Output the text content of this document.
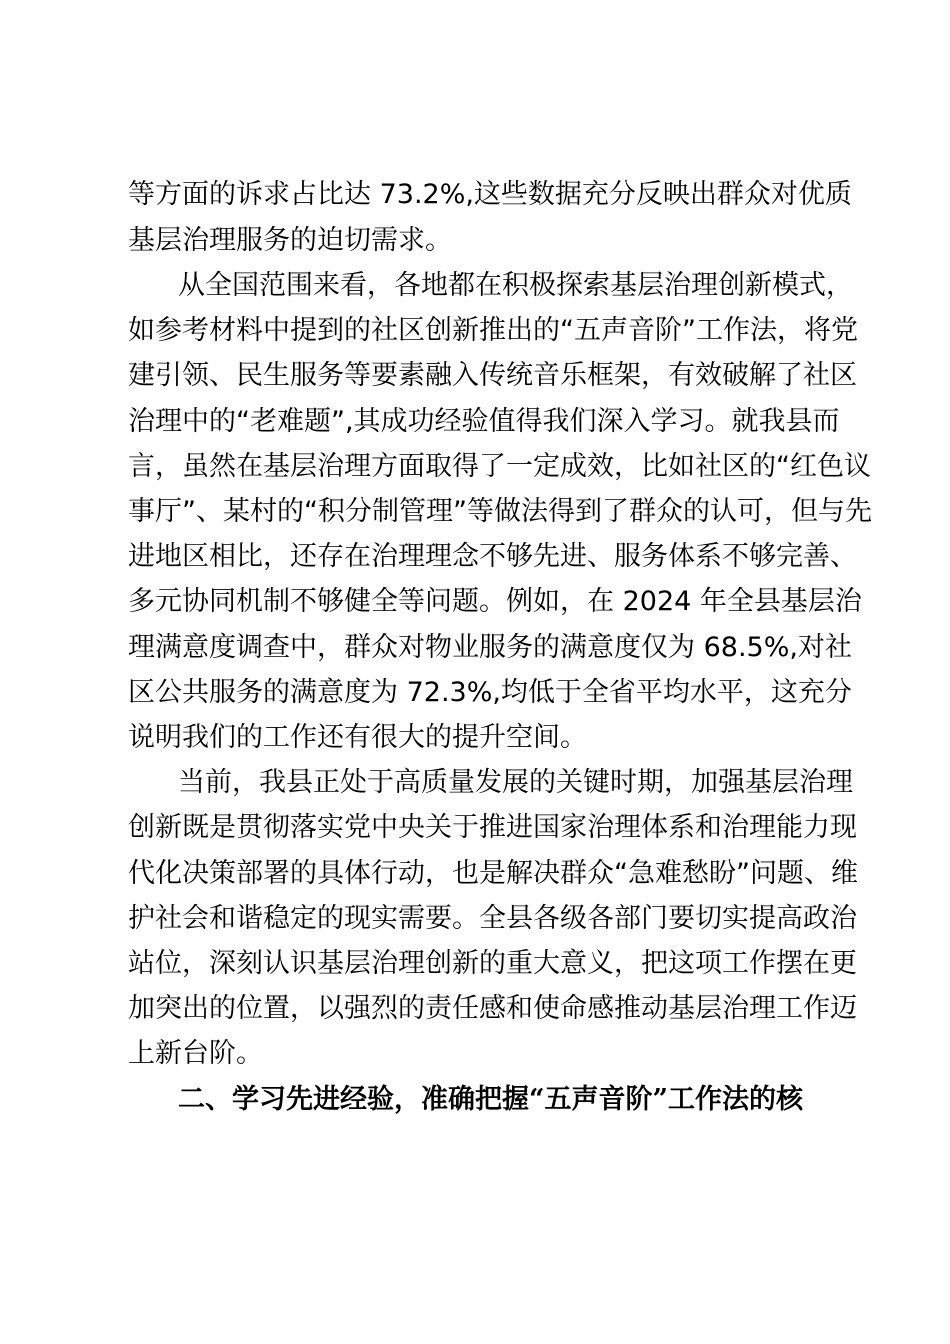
等方面的诉求占比达 73.2%,这些数据充分反映出群众对优质
基层治理服务的迫切需求。
从全国范围来看，各地都在积极探索基层治理创新模式，
如参考材料中提到的社区创新推出的“五声音阶”工作法，将党
建引领、民生服务等要素融入传统音乐框架，有效破解了社区
治理中的“老难题”,其成功经验值得我们深入学习。就我县而
言，虽然在基层治理方面取得了一定成效，比如社区的“红色议
事厅”、某村的“积分制管理”等做法得到了群众的认可，但与先
进地区相比，还存在治理理念不够先进、服务体系不够完善、
多元协同机制不够健全等问题。例如，在 2024 年全县基层治
理满意度调查中，群众对物业服务的满意度仅为 68.5%,对社
区公共服务的满意度为 72.3%,均低于全省平均水平，这充分
说明我们的工作还有很大的提升空间。
当前，我县正处于高质量发展的关键时期，加强基层治理
创新既是贯彻落实党中央关于推进国家治理体系和治理能力现
代化决策部署的具体行动，也是解决群众“急难愁盼”问题、维
护社会和谐稳定的现实需要。全县各级各部门要切实提高政治
站位，深刻认识基层治理创新的重大意义，把这项工作摆在更
加突出的位置，以强烈的责任感和使命感推动基层治理工作迈
上新台阶。
二、学习先进经验，准确把握“五声音阶”工作法的核
